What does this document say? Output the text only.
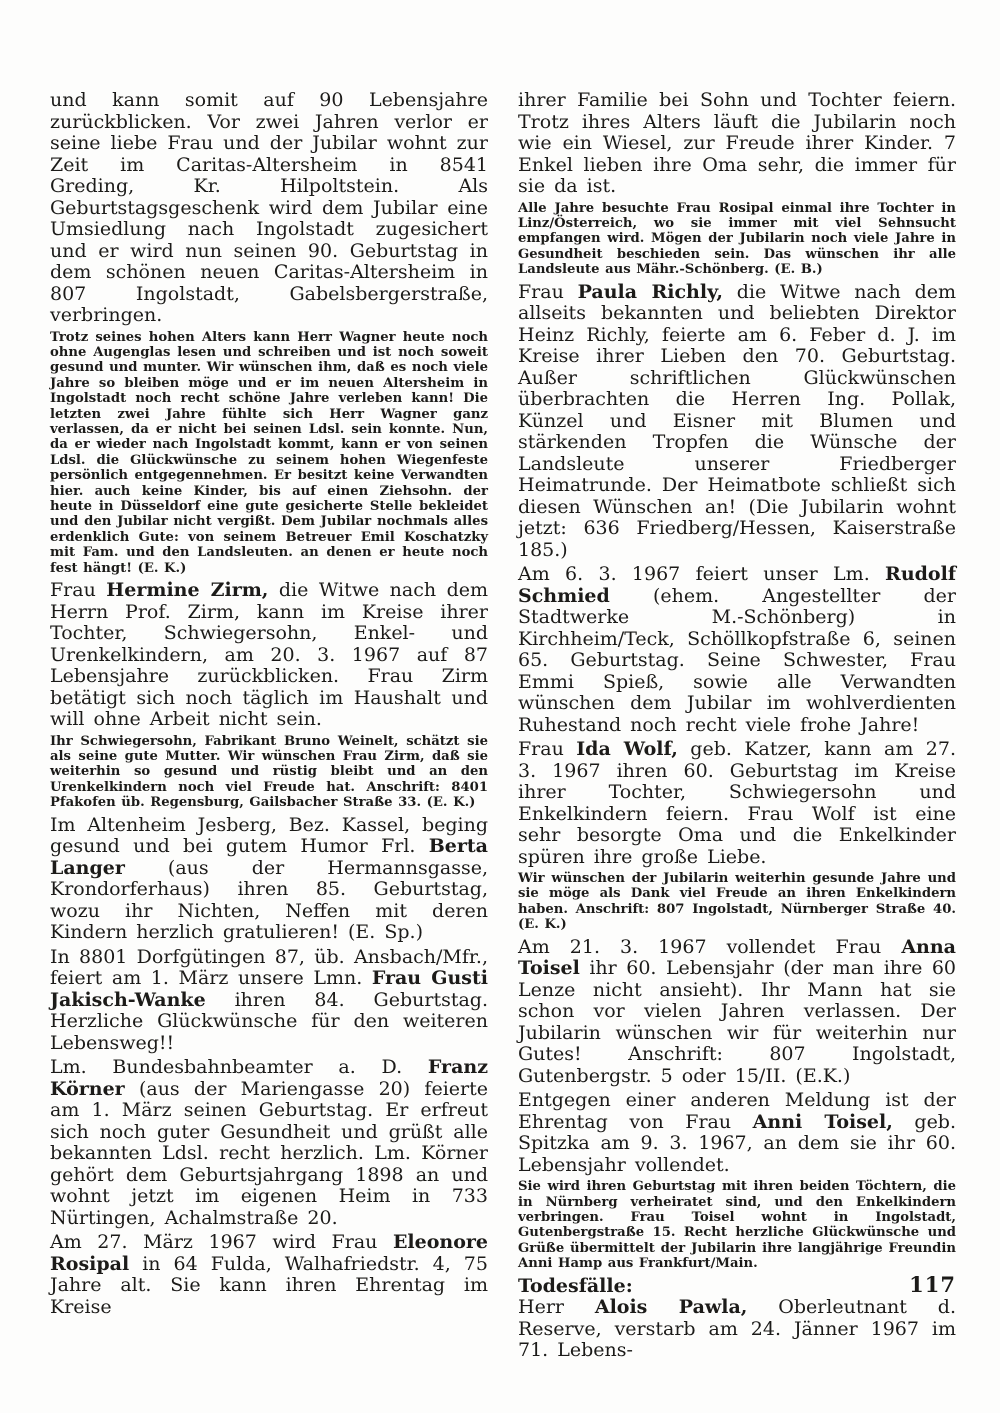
und kann somit auf 90 Lebensjahre zurückblicken. Vor zwei Jahren verlor er seine liebe Frau und der Jubilar wohnt zur Zeit im Caritas-Altersheim in 8541 Greding, Kr. Hilpoltstein. Als Geburtstagsgeschenk wird dem Jubilar eine Umsiedlung nach Ingolstadt zugesichert und er wird nun seinen 90. Geburtstag in dem schönen neuen Caritas-Altersheim in 807 Ingolstadt, Gabelsbergerstraße, verbringen.

Trotz seines hohen Alters kann Herr Wagner heute noch ohne Augenglas lesen und schreiben und ist noch soweit gesund und munter. Wir wünschen ihm, daß es noch viele Jahre so bleiben möge und er im neuen Altersheim in Ingolstadt noch recht schöne Jahre verleben kann! Die letzten zwei Jahre fühlte sich Herr Wagner ganz verlassen, da er nicht bei seinen Ldsl. sein konnte. Nun, da er wieder nach Ingolstadt kommt, kann er von seinen Ldsl. die Glückwünsche zu seinem hohen Wiegenfeste persönlich entgegennehmen. Er besitzt keine Verwandten hier. auch keine Kinder, bis auf einen Ziehsohn. der heute in Düsseldorf eine gute gesicherte Stelle bekleidet und den Jubilar nicht vergißt. Dem Jubilar nochmals alles erdenklich Gute: von seinem Betreuer Emil Koschatzky mit Fam. und den Landsleuten. an denen er heute noch fest hängt! (E. K.)

Frau Hermine Zirm, die Witwe nach dem Herrn Prof. Zirm, kann im Kreise ihrer Tochter, Schwiegersohn, Enkel- und Urenkelkindern, am 20. 3. 1967 auf 87 Lebensjahre zurückblicken. Frau Zirm betätigt sich noch täglich im Haushalt und will ohne Arbeit nicht sein.

Ihr Schwiegersohn, Fabrikant Bruno Weinelt, schätzt sie als seine gute Mutter. Wir wünschen Frau Zirm, daß sie weiterhin so gesund und rüstig bleibt und an den Urenkelkindern noch viel Freude hat. Anschrift: 8401 Pfakofen üb. Regensburg, Gailsbacher Straße 33. (E. K.)

Im Altenheim Jesberg, Bez. Kassel, beging gesund und bei gutem Humor Frl. Berta Langer (aus der Hermannsgasse, Krondorferhaus) ihren 85. Geburtstag, wozu ihr Nichten, Neffen mit deren Kindern herzlich gratulieren! (E. Sp.)

In 8801 Dorfgütingen 87, üb. Ansbach/Mfr., feiert am 1. März unsere Lmn. Frau Gusti Jakisch-Wanke ihren 84. Geburtstag. Herzliche Glückwünsche für den weiteren Lebensweg!!

Lm. Bundesbahnbeamter a. D. Franz Körner (aus der Mariengasse 20) feierte am 1. März seinen Geburtstag. Er erfreut sich noch guter Gesundheit und grüßt alle bekannten Ldsl. recht herzlich. Lm. Körner gehört dem Geburtsjahrgang 1898 an und wohnt jetzt im eigenen Heim in 733 Nürtingen, Achalmstraße 20.

Am 27. März 1967 wird Frau Eleonore Rosipal in 64 Fulda, Walhafriedstr. 4, 75 Jahre alt. Sie kann ihren Ehrentag im Kreise

ihrer Familie bei Sohn und Tochter feiern. Trotz ihres Alters läuft die Jubilarin noch wie ein Wiesel, zur Freude ihrer Kinder. 7 Enkel lieben ihre Oma sehr, die immer für sie da ist.

Alle Jahre besuchte Frau Rosipal einmal ihre Tochter in Linz/Österreich, wo sie immer mit viel Sehnsucht empfangen wird. Mögen der Jubilarin noch viele Jahre in Gesundheit beschieden sein. Das wünschen ihr alle Landsleute aus Mähr.-Schönberg. (E. B.)

Frau Paula Richly, die Witwe nach dem allseits bekannten und beliebten Direktor Heinz Richly, feierte am 6. Feber d. J. im Kreise ihrer Lieben den 70. Geburtstag. Außer schriftlichen Glückwünschen überbrachten die Herren Ing. Pollak, Künzel und Eisner mit Blumen und stärkenden Tropfen die Wünsche der Landsleute unserer Friedberger Heimatrunde. Der Heimatbote schließt sich diesen Wünschen an! (Die Jubilarin wohnt jetzt: 636 Friedberg/Hessen, Kaiserstraße 185.)

Am 6. 3. 1967 feiert unser Lm. Rudolf Schmied (ehem. Angestellter der Stadtwerke M.-Schönberg) in Kirchheim/Teck, Schöllkopfstraße 6, seinen 65. Geburtstag. Seine Schwester, Frau Emmi Spieß, sowie alle Verwandten wünschen dem Jubilar im wohlverdienten Ruhestand noch recht viele frohe Jahre!

Frau Ida Wolf, geb. Katzer, kann am 27. 3. 1967 ihren 60. Geburtstag im Kreise ihrer Tochter, Schwiegersohn und Enkelkindern feiern. Frau Wolf ist eine sehr besorgte Oma und die Enkelkinder spüren ihre große Liebe.

Wir wünschen der Jubilarin weiterhin gesunde Jahre und sie möge als Dank viel Freude an ihren Enkelkindern haben. Anschrift: 807 Ingolstadt, Nürnberger Straße 40. (E. K.)

Am 21. 3. 1967 vollendet Frau Anna Toisel ihr 60. Lebensjahr (der man ihre 60 Lenze nicht ansieht). Ihr Mann hat sie schon vor vielen Jahren verlassen. Der Jubilarin wünschen wir für weiterhin nur Gutes! Anschrift: 807 Ingolstadt, Gutenbergstr. 5 oder 15/II. (E.K.)

Entgegen einer anderen Meldung ist der Ehrentag von Frau Anni Toisel, geb. Spitzka am 9. 3. 1967, an dem sie ihr 60. Lebensjahr vollendet.

Sie wird ihren Geburtstag mit ihren beiden Töchtern, die in Nürnberg verheiratet sind, und den Enkelkindern verbringen. Frau Toisel wohnt in Ingolstadt, Gutenbergstraße 15. Recht herzliche Glückwünsche und Grüße übermittelt der Jubilarin ihre langjährige Freundin Anni Hamp aus Frankfurt/Main.

Todesfälle:

Herr Alois Pawla, Oberleutnant d. Reserve, verstarb am 24. Jänner 1967 im 71. Lebens-

117
